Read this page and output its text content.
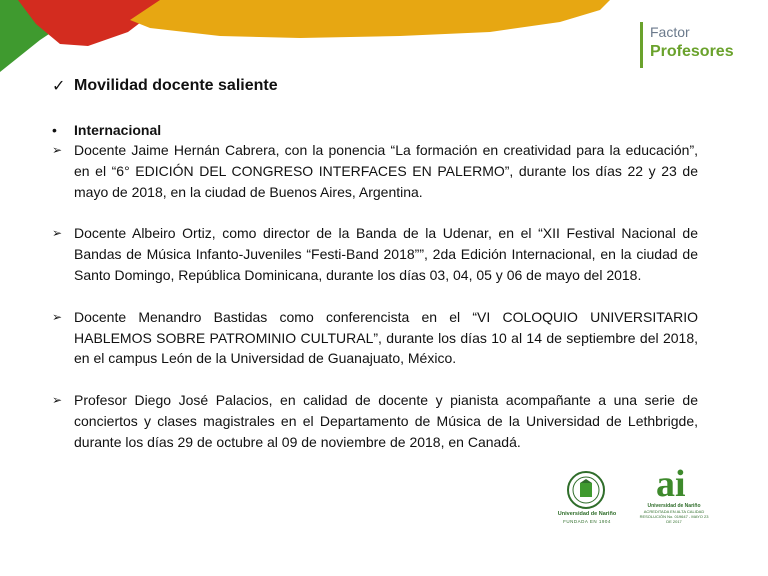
Factor
Profesores
✓ Movilidad docente saliente
•	Internacional
➢ Docente Jaime Hernán Cabrera, con la ponencia “La formación en creatividad para la educación”, en el “6° EDICIÓN DEL CONGRESO INTERFACES EN PALERMO”, durante los días 22 y 23 de mayo de 2018, en la ciudad de Buenos Aires, Argentina.
➢ Docente Albeiro Ortiz, como director de la Banda de la Udenar, en el “XII Festival Nacional de Bandas de Música Infanto-Juveniles “Festi-Band 2018””, 2da Edición Internacional, en la ciudad de Santo Domingo, República Dominicana, durante los días 03, 04, 05 y 06 de mayo del 2018.
➢ Docente Menandro Bastidas como conferencista en el “VI COLOQUIO UNIVERSITARIO HABLEMOS SOBRE PATROMINIO CULTURAL”, durante los días 10 al 14 de septiembre del 2018, en el campus León de la Universidad de Guanajuato, México.
➢ Profesor Diego José Palacios, en calidad de docente y pianista acompañante a una serie de conciertos y clases magistrales en el Departamento de Música de la Universidad de Lethbrigde, durante los días 29 de octubre al 09 de noviembre de 2018, en Canadá.
Universidad de Nariño
FUNDADA EN 1904
ai
Universidad de Nariño
ACREDITADA EN ALTA CALIDAD
RESOLUCIÓN No. 019647 - MAYO 23 DE 2017
